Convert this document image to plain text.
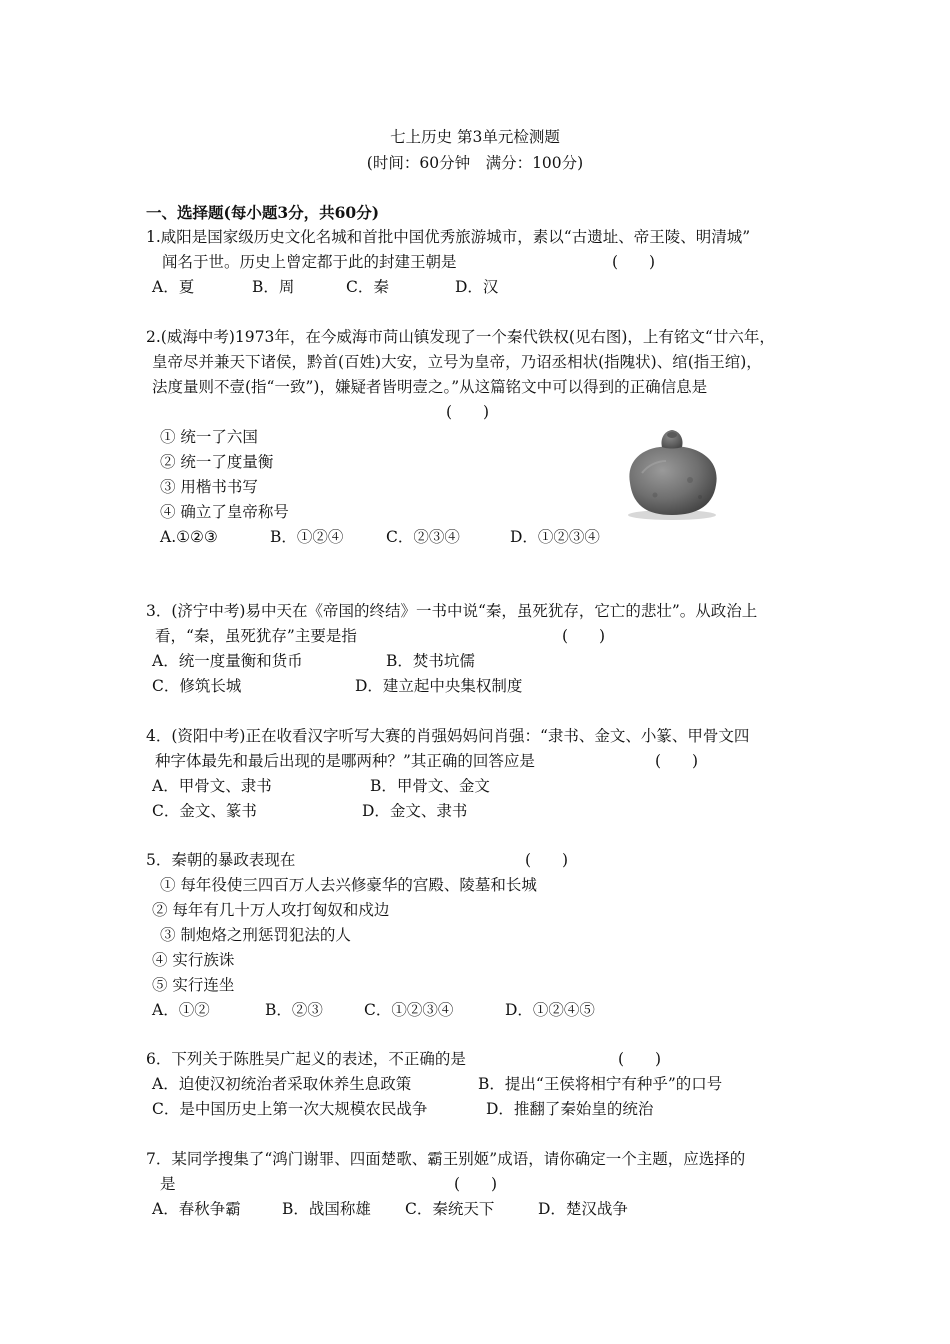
七上历史 第3单元检测题
(时间：60分钟　满分：100分)
一、选择题(每小题3分，共60分)
1.咸阳是国家级历史文化名城和首批中国优秀旅游城市，素以“古遗址、帝王陵、明清城”
闻名于世。历史上曾定都于此的封建王朝是	(　　)
A．夏	B．周	C．秦	D．汉
2.(威海中考)1973年，在今威海市苘山镇发现了一个秦代铁权(见右图)，上有铭文“廿六年，
皇帝尽并兼天下诸侯，黔首(百姓)大安，立号为皇帝，乃诏丞相状(指隗状)、绾(指王绾)，
法度量则不壹(指“一致”)，嫌疑者皆明壹之。”从这篇铭文中可以得到的正确信息是
(　　)
① 统一了六国
② 统一了度量衡
③ 用楷书书写
④ 确立了皇帝称号
A.①②③	B．①②④	C．②③④	D．①②③④
3．(济宁中考)易中天在《帝国的终结》一书中说“秦，虽死犹存，它亡的悲壮”。从政治上
看，“秦，虽死犹存”主要是指	(　　)
A．统一度量衡和货币	B．焚书坑儒
C．修筑长城	D．建立起中央集权制度
4．(资阳中考)正在收看汉字听写大赛的肖强妈妈问肖强：“隶书、金文、小篆、甲骨文四
种字体最先和最后出现的是哪两种？”其正确的回答应是	(　　)
A．甲骨文、隶书	B．甲骨文、金文
C．金文、篆书	D．金文、隶书
5．秦朝的暴政表现在	(　　)
① 每年役使三四百万人去兴修豪华的宫殿、陵墓和长城
② 每年有几十万人攻打匈奴和戍边
③ 制炮烙之刑惩罚犯法的人
④ 实行族诛
⑤ 实行连坐
A．①②	B．②③	C．①②③④	D．①②④⑤
6．下列关于陈胜吴广起义的表述，不正确的是	(　　)
A．迫使汉初统治者采取休养生息政策	B．提出“王侯将相宁有种乎”的口号
C．是中国历史上第一次大规模农民战争	D．推翻了秦始皇的统治
7．某同学搜集了“鸿门谢罪、四面楚歌、霸王别姬”成语，请你确定一个主题，应选择的
是	(　　)
A．春秋争霸	B．战国称雄 C．秦统天下	D．楚汉战争
